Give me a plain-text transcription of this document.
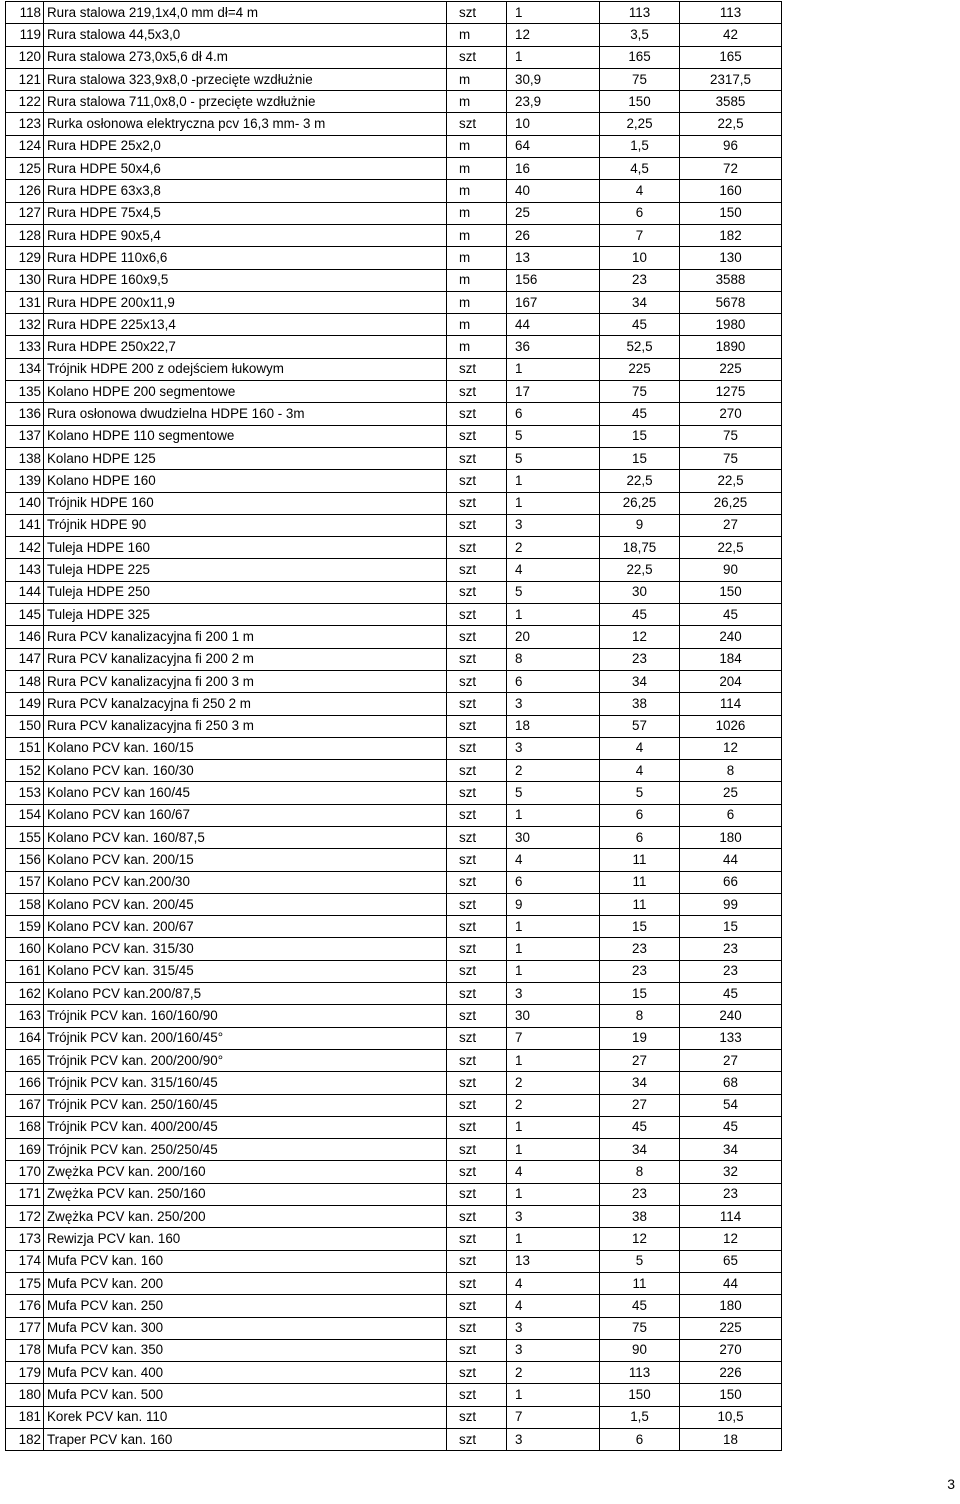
118	Rura stalowa 219,1x4,0 mm dł=4 m	szt	1	113	113
119	Rura stalowa 44,5x3,0	m	12	3,5	42
120	Rura stalowa 273,0x5,6 dł 4.m	szt	1	165	165
121	Rura stalowa 323,9x8,0 -przecięte wzdłużnie	m	30,9	75	2317,5
122	Rura stalowa 711,0x8,0 - przecięte wzdłużnie	m	23,9	150	3585
123	Rurka osłonowa elektryczna pcv 16,3 mm- 3 m	szt	10	2,25	22,5
124	Rura HDPE 25x2,0	m	64	1,5	96
125	Rura HDPE 50x4,6	m	16	4,5	72
126	Rura HDPE 63x3,8	m	40	4	160
127	Rura HDPE 75x4,5	m	25	6	150
128	Rura HDPE 90x5,4	m	26	7	182
129	Rura HDPE 110x6,6	m	13	10	130
130	Rura HDPE 160x9,5	m	156	23	3588
131	Rura HDPE 200x11,9	m	167	34	5678
132	Rura HDPE 225x13,4	m	44	45	1980
133	Rura HDPE 250x22,7	m	36	52,5	1890
134	Trójnik HDPE 200 z odejściem łukowym	szt	1	225	225
135	Kolano HDPE 200 segmentowe	szt	17	75	1275
136	Rura osłonowa dwudzielna HDPE 160 - 3m	szt	6	45	270
137	Kolano HDPE 110 segmentowe	szt	5	15	75
138	Kolano HDPE 125	szt	5	15	75
139	Kolano HDPE 160	szt	1	22,5	22,5
140	Trójnik HDPE 160	szt	1	26,25	26,25
141	Trójnik HDPE 90	szt	3	9	27
142	Tuleja HDPE 160	szt	2	18,75	22,5
143	Tuleja HDPE 225	szt	4	22,5	90
144	Tuleja HDPE 250	szt	5	30	150
145	Tuleja HDPE 325	szt	1	45	45
146	Rura PCV kanalizacyjna fi 200 1 m	szt	20	12	240
147	Rura PCV kanalizacyjna fi 200 2 m	szt	8	23	184
148	Rura PCV kanalizacyjna fi 200 3 m	szt	6	34	204
149	Rura PCV kanalzacyjna fi 250 2 m	szt	3	38	114
150	Rura PCV kanalizacyjna fi 250 3 m	szt	18	57	1026
151	Kolano PCV kan. 160/15	szt	3	4	12
152	Kolano PCV kan. 160/30	szt	2	4	8
153	Kolano PCV kan 160/45	szt	5	5	25
154	Kolano PCV kan 160/67	szt	1	6	6
155	Kolano PCV kan. 160/87,5	szt	30	6	180
156	Kolano PCV kan. 200/15	szt	4	11	44
157	Kolano PCV kan.200/30	szt	6	11	66
158	Kolano PCV kan. 200/45	szt	9	11	99
159	Kolano PCV kan. 200/67	szt	1	15	15
160	Kolano PCV kan. 315/30	szt	1	23	23
161	Kolano PCV kan. 315/45	szt	1	23	23
162	Kolano PCV kan.200/87,5	szt	3	15	45
163	Trójnik PCV kan. 160/160/90	szt	30	8	240
164	Trójnik PCV kan. 200/160/45°	szt	7	19	133
165	Trójnik PCV kan. 200/200/90°	szt	1	27	27
166	Trójnik PCV kan. 315/160/45	szt	2	34	68
167	Trójnik PCV kan. 250/160/45	szt	2	27	54
168	Trójnik PCV kan. 400/200/45	szt	1	45	45
169	Trójnik PCV kan. 250/250/45	szt	1	34	34
170	Zwężka PCV kan. 200/160	szt	4	8	32
171	Zwężka PCV kan. 250/160	szt	1	23	23
172	Zwężka PCV kan. 250/200	szt	3	38	114
173	Rewizja PCV kan. 160	szt	1	12	12
174	Mufa PCV kan. 160	szt	13	5	65
175	Mufa PCV kan. 200	szt	4	11	44
176	Mufa PCV kan. 250	szt	4	45	180
177	Mufa PCV kan. 300	szt	3	75	225
178	Mufa PCV kan. 350	szt	3	90	270
179	Mufa PCV kan. 400	szt	2	113	226
180	Mufa PCV kan. 500	szt	1	150	150
181	Korek PCV kan. 110	szt	7	1,5	10,5
182	Traper PCV kan. 160	szt	3	6	18
3
